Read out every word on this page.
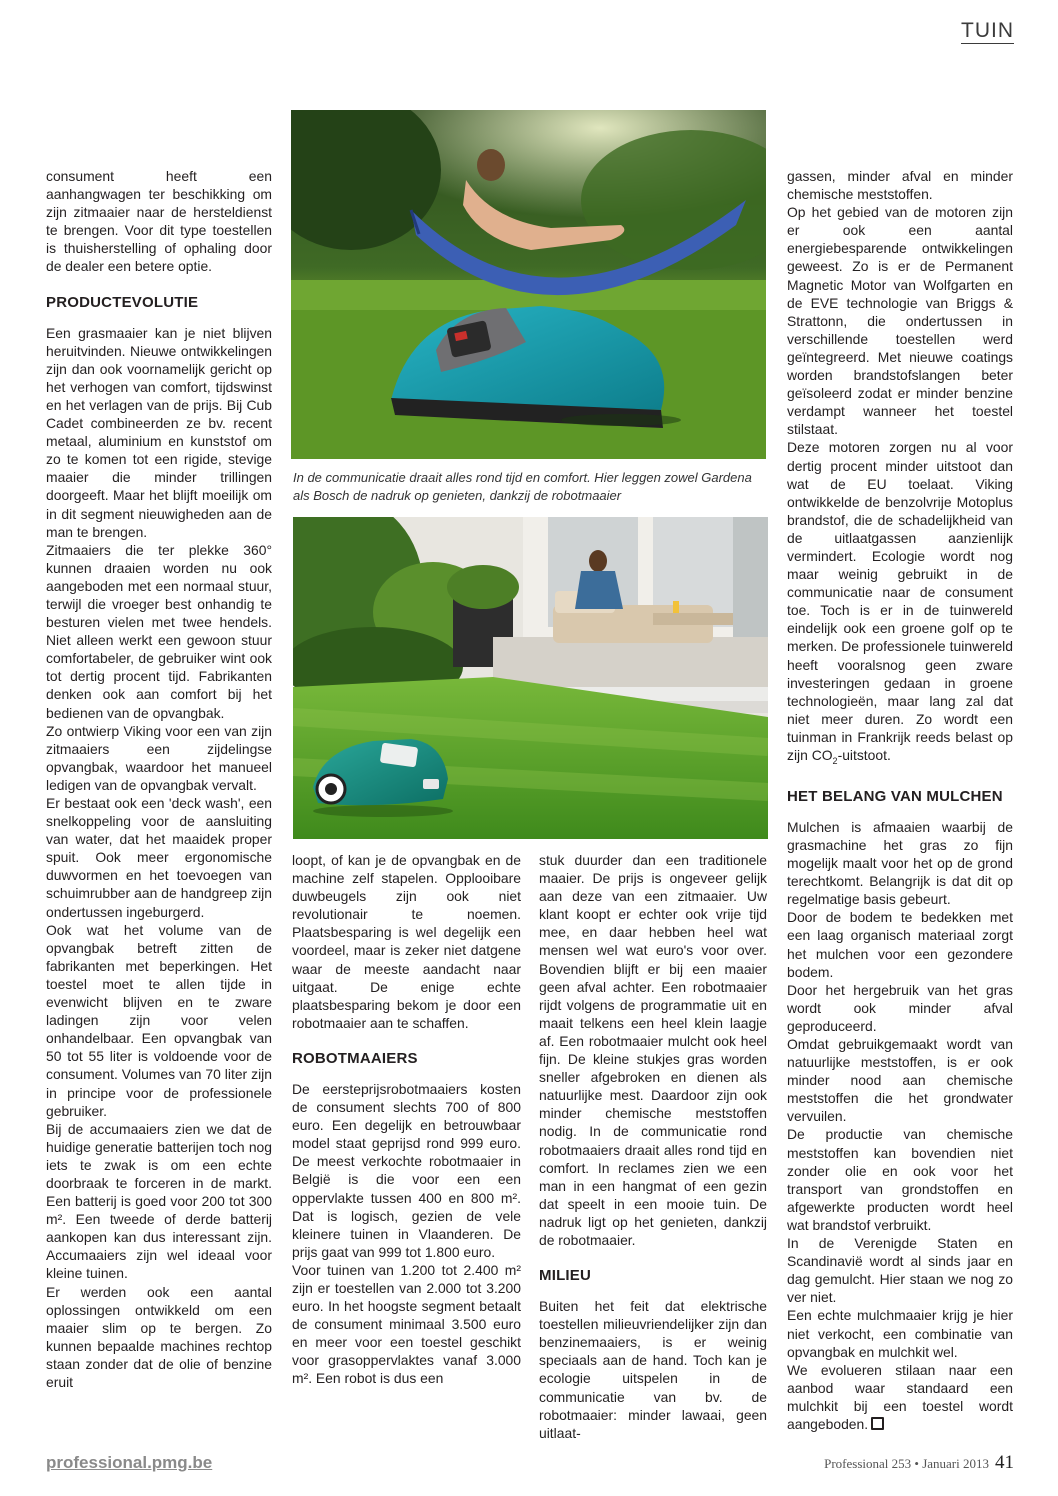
TUIN

consument heeft een aanhangwagen ter beschikking om zijn zitmaaier naar de hersteldienst te brengen. Voor dit type toestellen is thuisherstelling of ophaling door de dealer een betere optie.

PRODUCTEVOLUTIE

Een grasmaaier kan je niet blijven heruitvinden. Nieuwe ontwikkelingen zijn dan ook voornamelijk gericht op het verhogen van comfort, tijdswinst en het verlagen van de prijs. Bij Cub Cadet combineerden ze bv. recent metaal, aluminium en kunststof om zo te komen tot een rigide, stevige maaier die minder trillingen doorgeeft. Maar het blijft moeilijk om in dit segment nieuwigheden aan de man te brengen.

Zitmaaiers die ter plekke 360° kunnen draaien worden nu ook aangeboden met een normaal stuur, terwijl die vroeger best onhandig te besturen vielen met twee hendels. Niet alleen werkt een gewoon stuur comfortabeler, de gebruiker wint ook tot dertig procent tijd. Fabrikanten denken ook aan comfort bij het bedienen van de opvangbak.

Zo ontwierp Viking voor een van zijn zitmaaiers een zijdelingse opvangbak, waardoor het manueel ledigen van de opvangbak vervalt.

Er bestaat ook een 'deck wash', een snelkoppeling voor de aansluiting van water, dat het maaidek proper spuit. Ook meer ergonomische duwvormen en het toevoegen van schuimrubber aan de handgreep zijn ondertussen ingeburgerd.

Ook wat het volume van de opvangbak betreft zitten de fabrikanten met beperkingen. Het toestel moet te allen tijde in evenwicht blijven en te zware ladingen zijn voor velen onhandelbaar. Een opvangbak van 50 tot 55 liter is voldoende voor de consument. Volumes van 70 liter zijn in principe voor de professionele gebruiker.

Bij de accumaaiers zien we dat de huidige generatie batterijen toch nog iets te zwak is om een echte doorbraak te forceren in de markt. Een batterij is goed voor 200 tot 300 m². Een tweede of derde batterij aankopen kan dus interessant zijn. Accumaaiers zijn wel ideaal voor kleine tuinen.

Er werden ook een aantal oplossingen ontwikkeld om een maaier slim op te bergen. Zo kunnen bepaalde machines rechtop staan zonder dat de olie of benzine eruit

In de communicatie draait alles rond tijd en comfort. Hier leggen zowel Gardena als Bosch de nadruk op genieten, dankzij de robotmaaier

loopt, of kan je de opvangbak en de machine zelf stapelen. Opplooibare duwbeugels zijn ook niet revolutionair te noemen. Plaatsbesparing is wel degelijk een voordeel, maar is zeker niet datgene waar de meeste aandacht naar uitgaat. De enige echte plaatsbesparing bekom je door een robotmaaier aan te schaffen.

ROBOTMAAIERS

De eersteprijsrobotmaaiers kosten de consument slechts 700 of 800 euro. Een degelijk en betrouwbaar model staat geprijsd rond 999 euro. De meest verkochte robotmaaier in België is die voor een een oppervlakte tussen 400 en 800 m². Dat is logisch, gezien de vele kleinere tuinen in Vlaanderen. De prijs gaat van 999 tot 1.800 euro.

Voor tuinen van 1.200 tot 2.400 m² zijn er toestellen van 2.000 tot 3.200 euro. In het hoogste segment betaalt de consument minimaal 3.500 euro en meer voor een toestel geschikt voor grasoppervlaktes vanaf 3.000 m². Een robot is dus een

stuk duurder dan een traditionele maaier. De prijs is ongeveer gelijk aan deze van een zitmaaier. Uw klant koopt er echter ook vrije tijd mee, en daar hebben heel wat mensen wel wat euro's voor over. Bovendien blijft er bij een maaier geen afval achter. Een robotmaaier rijdt volgens de programmatie uit en maait telkens een heel klein laagje af. Een robotmaaier mulcht ook heel fijn. De kleine stukjes gras worden sneller afgebroken en dienen als natuurlijke mest. Daardoor zijn ook minder chemische meststoffen nodig. In de communicatie rond robotmaaiers draait alles rond tijd en comfort. In reclames zien we een man in een hangmat of een gezin dat speelt in een mooie tuin. De nadruk ligt op het genieten, dankzij de robotmaaier.

MILIEU

Buiten het feit dat elektrische toestellen milieuvriendelijker zijn dan benzinemaaiers, is er weinig speciaals aan de hand. Toch kan je ecologie uitspelen in de communicatie van bv. de robotmaaier: minder lawaai, geen uitlaat-

gassen, minder afval en minder chemische meststoffen.

Op het gebied van de motoren zijn er ook een aantal energiebesparende ontwikkelingen geweest. Zo is er de Permanent Magnetic Motor van Wolfgarten en de EVE technologie van Briggs & Strattonn, die ondertussen in verschillende toestellen werd geïntegreerd. Met nieuwe coatings worden brandstofslangen beter geïsoleerd zodat er minder benzine verdampt wanneer het toestel stilstaat.

Deze motoren zorgen nu al voor dertig procent minder uitstoot dan wat de EU toelaat. Viking ontwikkelde de benzolvrije Motoplus brandstof, die de schadelijkheid van de uitlaatgassen aanzienlijk vermindert. Ecologie wordt nog maar weinig gebruikt in de communicatie naar de consument toe. Toch is er in de tuinwereld eindelijk ook een groene golf op te merken. De professionele tuinwereld heeft vooralsnog geen zware investeringen gedaan in groene technologieën, maar lang zal dat niet meer duren. Zo wordt een tuinman in Frankrijk reeds belast op zijn $CO_2$-uitstoot.

HET BELANG VAN MULCHEN

Mulchen is afmaaien waarbij de grasmachine het gras zo fijn mogelijk maalt voor het op de grond terechtkomt. Belangrijk is dat dit op regelmatige basis gebeurt.

Door de bodem te bedekken met een laag organisch materiaal zorgt het mulchen voor een gezondere bodem.

Door het hergebruik van het gras wordt ook minder afval geproduceerd.

Omdat gebruikgemaakt wordt van natuurlijke meststoffen, is er ook minder nood aan chemische meststoffen die het grondwater vervuilen.

De productie van chemische meststoffen kan bovendien niet zonder olie en ook voor het transport van grondstoffen en afgewerkte producten wordt heel wat brandstof verbruikt.

In de Verenigde Staten en Scandinavië wordt al sinds jaar en dag gemulcht. Hier staan we nog zo ver niet.

Een echte mulchmaaier krijg je hier niet verkocht, een combinatie van opvangbak en mulchkit wel.

We evolueren stilaan naar een aanbod waar standaard een mulchkit bij een toestel wordt aangeboden.

professional.pmg.be	Professional 253 • Januari 2013 41
